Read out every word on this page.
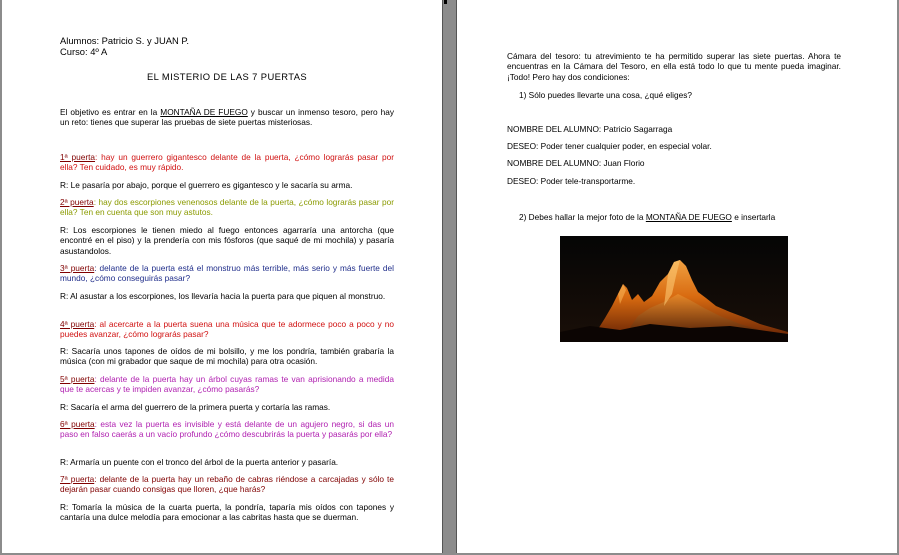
Alumnos: Patricio S. y JUAN P.
Curso: 4º A
EL MISTERIO DE LAS 7 PUERTAS
El objetivo es entrar en la MONTAÑA DE FUEGO y buscar un inmenso tesoro, pero hay un reto: tienes que superar las pruebas de siete puertas misteriosas.
1ª puerta: hay un guerrero gigantesco delante de la puerta, ¿cómo lograrás pasar por ella? Ten cuidado, es muy rápido.
R: Le pasaría por abajo, porque el guerrero es gigantesco y le sacaría su arma.
2ª puerta: hay dos escorpiones venenosos delante de la puerta, ¿cómo lograrás pasar por ella? Ten en cuenta que son muy astutos.
R: Los escorpiones le tienen miedo al fuego entonces agarraría una antorcha (que encontré en el piso) y la prendería con mis fósforos (que saqué de mi mochila) y pasaría asustandolos.
3ª puerta: delante de la puerta está el monstruo más terrible, más serio y más fuerte del mundo, ¿cómo conseguirás pasar?
R: Al asustar a los escorpiones, los llevaría hacia la puerta para que piquen al monstruo.
4ª puerta: al acercarte a la puerta suena una música que te adormece poco a poco y no puedes avanzar, ¿cómo lograrás pasar?
R: Sacaría unos tapones de oídos de mi bolsillo, y me los pondría, también grabaría la música (con mi grabador que saque de mi mochila) para otra ocasión.
5ª puerta: delante de la puerta hay un árbol cuyas ramas te van aprisionando a medida que te acercas y te impiden avanzar, ¿cómo pasarás?
R: Sacaría el arma del guerrero de la primera puerta y cortaría las ramas.
6ª puerta: esta vez la puerta es invisible y está delante de un agujero negro, si das un paso en falso caerás a un vacío profundo ¿cómo descubrirás la puerta y pasarás por ella?
R: Armaría un puente con el tronco del árbol de la puerta anterior y pasaría.
7ª puerta: delante de la puerta hay un rebaño de cabras riéndose a carcajadas y sólo te dejarán pasar cuando consigas que lloren, ¿que harás?
R: Tomaría la música de la cuarta puerta, la pondría, taparía mis oídos con tapones y cantaría una dulce melodía para emocionar a las cabritas hasta que se duerman.
Cámara del tesoro: tu atrevimiento te ha permitido superar las siete puertas. Ahora te encuentras en la Cámara del Tesoro, en ella está todo lo que tu mente pueda imaginar. ¡Todo! Pero hay dos condiciones:
1) Sólo puedes llevarte una cosa, ¿qué eliges?
NOMBRE DEL ALUMNO: Patricio Sagarraga
DESEO: Poder tener cualquier poder, en especial volar.
NOMBRE DEL ALUMNO: Juan Florio
DESEO: Poder tele-transportarme.
2) Debes hallar la mejor foto de la MONTAÑA DE FUEGO e insertarla
